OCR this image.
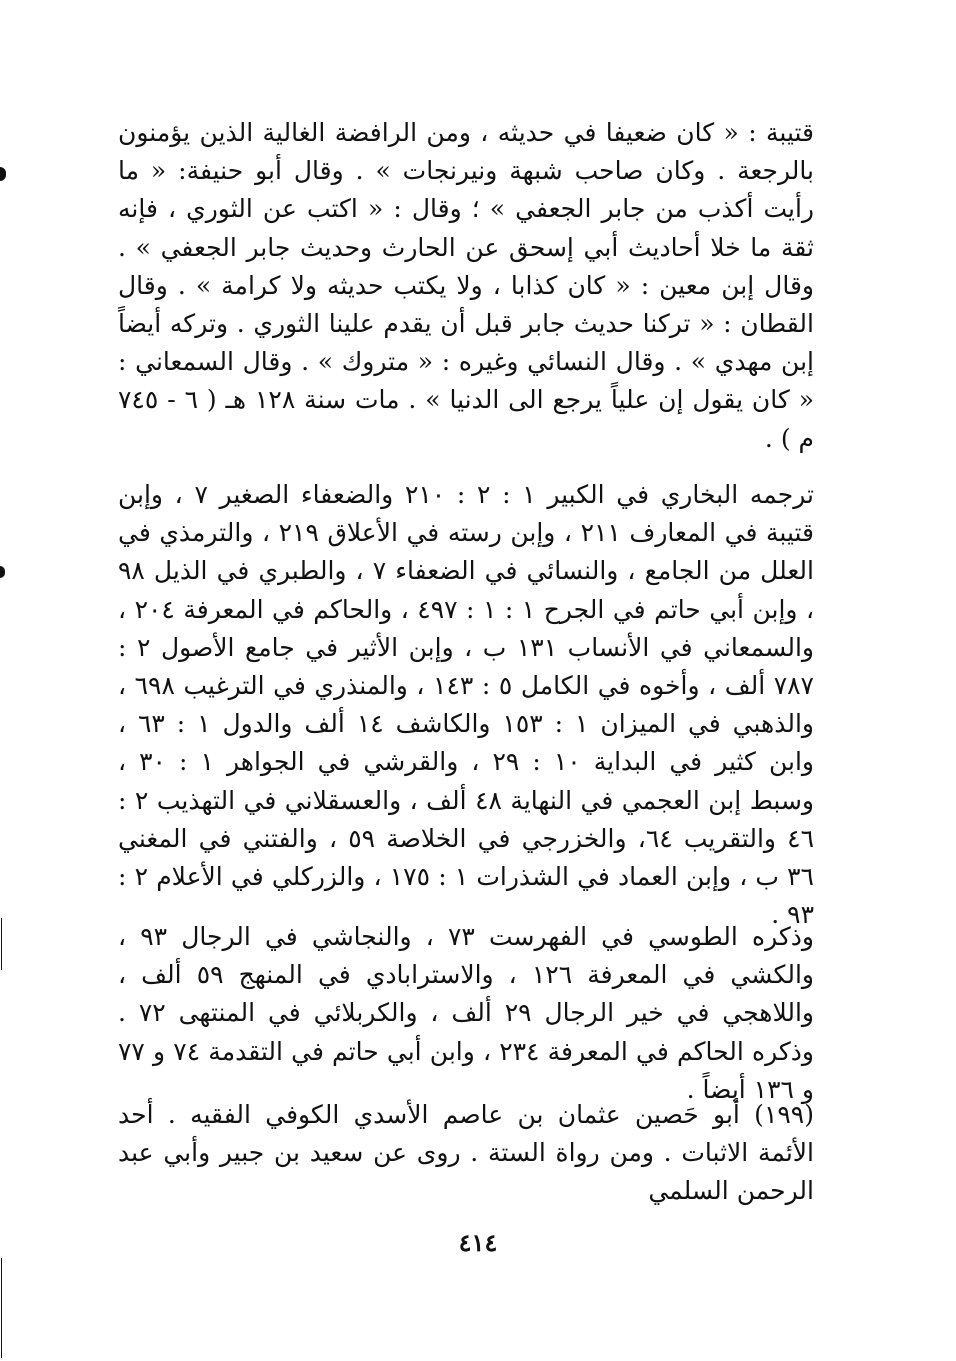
قتيبة : « كان ضعيفا في حديثه ، ومن الرافضة الغالية الذين يؤمنون بالرجعة . وكان صاحب شبهة ونيرنجات » . وقال أبو حنيفة: « ما رأيت أكذب من جابر الجعفي » ؛ وقال : « اكتب عن الثوري ، فإنه ثقة ما خلا أحاديث أبي إسحق عن الحارث وحديث جابر الجعفي » . وقال إبن معين : « كان كذابا ، ولا يكتب حديثه ولا كرامة » . وقال القطان : « تركنا حديث جابر قبل أن يقدم علينا الثوري . وتركه أيضاً إبن مهدي » . وقال النسائي وغيره : « متروك » . وقال السمعاني : « كان يقول إن علياً يرجع الى الدنيا » . مات سنة ١٢٨ هـ ( ٦ - ٧٤٥ م ) .

ترجمه البخاري في الكبير ١ : ٢ : ٢١٠ والضعفاء الصغير ٧ ، وإبن قتيبة في المعارف ٢١١ ، وإبن رسته في الأعلاق ٢١٩ ، والترمذي في العلل من الجامع ، والنسائي في الضعفاء ٧ ، والطبري في الذيل ٩٨ ، وإبن أبي حاتم في الجرح ١ : ١ : ٤٩٧ ، والحاكم في المعرفة ٢٠٤ ، والسمعاني في الأنساب ١٣١ ب ، وإبن الأثير في جامع الأصول ٢ : ٧٨٧ ألف ، وأخوه في الكامل ٥ : ١٤٣ ، والمنذري في الترغيب ٦٩٨ ، والذهبي في الميزان ١ : ١٥٣ والكاشف ١٤ ألف والدول ١ : ٦٣ ، وابن كثير في البداية ١٠ : ٢٩ ، والقرشي في الجواهر ١ : ٣٠ ، وسبط إبن العجمي في النهاية ٤٨ ألف ، والعسقلاني في التهذيب ٢ : ٤٦ والتقريب ٦٤، والخزرجي في الخلاصة ٥٩ ، والفتني في المغني ٣٦ ب ، وإبن العماد في الشذرات ١ : ١٧٥ ، والزركلي في الأعلام ٢ : ٩٣ .

وذكره الطوسي في الفهرست ٧٣ ، والنجاشي في الرجال ٩٣ ، والكشي في المعرفة ١٢٦ ، والاسترابادي في المنهج ٥٩ ألف ، واللاهجي في خير الرجال ٢٩ ألف ، والكربلائي في المنتهى ٧٢ . وذكره الحاكم في المعرفة ٢٣٤ ، وابن أبي حاتم في التقدمة ٧٤ و ٧٧ و ١٣٦ أيضاً .

(١٩٩) أبو حَصين عثمان بن عاصم الأسدي الكوفي الفقيه . أحد الأئمة الاثبات . ومن رواة الستة . روى عن سعيد بن جبير وأبي عبد الرحمن السلمي

٤١٤
